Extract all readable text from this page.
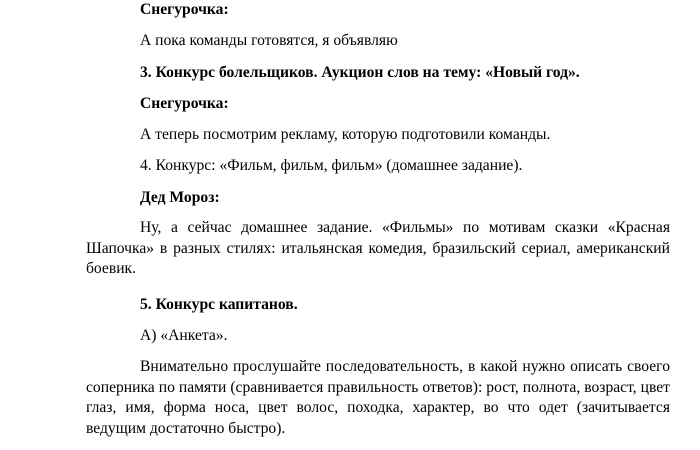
Снегурочка:

А пока команды готовятся, я объявляю

3. Конкурс болельщиков. Аукцион слов на тему: «Новый год».

Снегурочка:

А теперь посмотрим рекламу, которую подготовили команды.

4. Конкурс: «Фильм, фильм, фильм» (домашнее задание).

Дед Мороз:

Ну, а сейчас домашнее задание. «Фильмы» по мотивам сказки «Красная Шапочка» в разных стилях: итальянская комедия, бразильский сериал, американский боевик.

5. Конкурс капитанов.

А) «Анкета».

Внимательно прослушайте последовательность, в какой нужно описать своего соперника по памяти (сравнивается правильность ответов): рост, полнота, возраст, цвет глаз, имя, форма носа, цвет волос, походка, характер, во что одет (зачитывается ведущим достаточно быстро).
